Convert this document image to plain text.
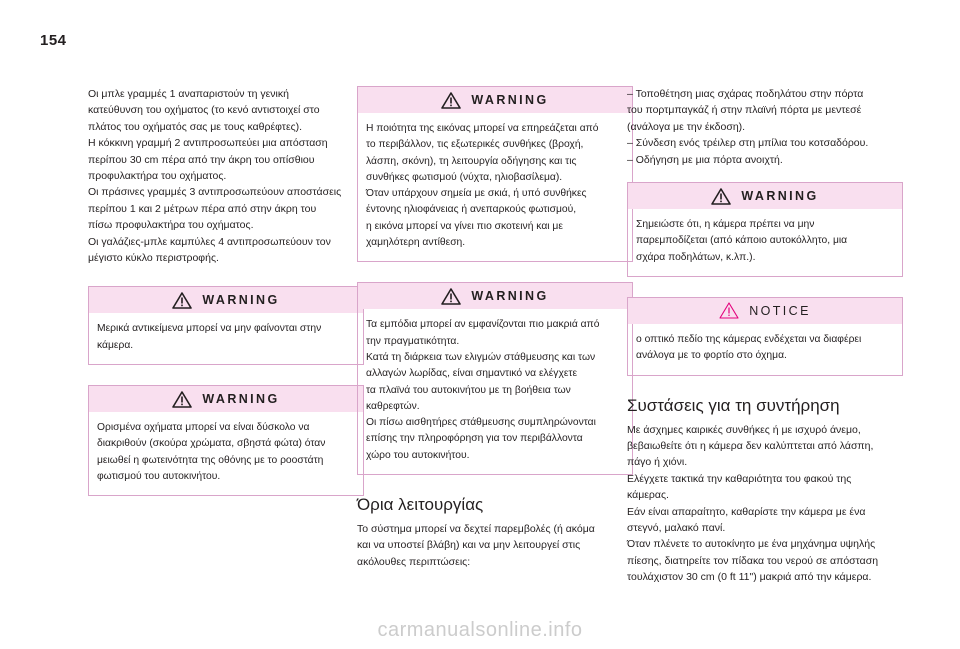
154

Οι μπλε γραμμές 1 αναπαριστούν τη γενική
κατεύθυνση του οχήματος (το κενό αντιστοιχεί στο
πλάτος του οχήματός σας με τους καθρέφτες).
Η κόκκινη γραμμή 2 αντιπροσωπεύει μια απόσταση
περίπου 30 cm πέρα από την άκρη του οπίσθιου
προφυλακτήρα του οχήματος.
Οι πράσινες γραμμές 3 αντιπροσωπεύουν αποστάσεις
περίπου 1 και 2 μέτρων πέρα από στην άκρη του
πίσω προφυλακτήρα του οχήματος.
Οι γαλάζιες-μπλε καμπύλες 4 αντιπροσωπεύουν τον
μέγιστο κύκλο περιστροφής.

WARNING
Μερικά αντικείμενα μπορεί να μην φαίνονται στην
κάμερα.
WARNING
Ορισμένα οχήματα μπορεί να είναι δύσκολο να
διακριθούν (σκούρα χρώματα, σβηστά φώτα) όταν
μειωθεί η φωτεινότητα της οθόνης με το ροοστάτη
φωτισμού του αυτοκινήτου.
WARNING
Η ποιότητα της εικόνας μπορεί να επηρεάζεται από
το περιβάλλον, τις εξωτερικές συνθήκες (βροχή,
λάσπη, σκόνη), τη λειτουργία οδήγησης και τις
συνθήκες φωτισμού (νύχτα, ηλιοβασίλεμα).
Όταν υπάρχουν σημεία με σκιά, ή υπό συνθήκες
έντονης ηλιοφάνειας ή ανεπαρκούς φωτισμού,
η εικόνα μπορεί να γίνει πιο σκοτεινή και με
χαμηλότερη αντίθεση.
WARNING
Τα εμπόδια μπορεί αν εμφανίζονται πιο μακριά από
την πραγματικότητα.
Κατά τη διάρκεια των ελιγμών στάθμευσης και των
αλλαγών λωρίδας, είναι σημαντικό να ελέγχετε
τα πλαϊνά του αυτοκινήτου με τη βοήθεια των
καθρεφτών.
Οι πίσω αισθητήρες στάθμευσης συμπληρώνονται
επίσης την πληροφόρηση για τον περιβάλλοντα
χώρο του αυτοκινήτου.
Όρια λειτουργίας

Το σύστημα μπορεί να δεχτεί παρεμβολές (ή ακόμα
και να υποστεί βλάβη) και να μην λειτουργεί στις
ακόλουθες περιπτώσεις:

– Τοποθέτηση μιας σχάρας ποδηλάτου στην πόρτα
του πορτμπαγκάζ ή στην πλαϊνή πόρτα με μεντεσέ
(ανάλογα με την έκδοση).
– Σύνδεση ενός τρέιλερ στη μπίλια του κοτσαδόρου.
– Οδήγηση με μια πόρτα ανοιχτή.

WARNING
Σημειώστε ότι, η κάμερα πρέπει να μην
παρεμποδίζεται (από κάποιο αυτοκόλλητο, μια
σχάρα ποδηλάτων, κ.λπ.).
NOTICE
ο οπτικό πεδίο της κάμερας ενδέχεται να διαφέρει
ανάλογα με το φορτίο στο όχημα.
Συστάσεις για τη συντήρηση

Με άσχημες καιρικές συνθήκες ή με ισχυρό άνεμο,
βεβαιωθείτε ότι η κάμερα δεν καλύπτεται από λάσπη,
πάγο ή χιόνι.
Ελέγχετε τακτικά την καθαριότητα του φακού της
κάμερας.
Εάν είναι απαραίτητο, καθαρίστε την κάμερα με ένα
στεγνό, μαλακό πανί.
Όταν πλένετε το αυτοκίνητο με ένα μηχάνημα υψηλής
πίεσης, διατηρείτε τον πίδακα του νερού σε απόσταση
τουλάχιστον 30 cm (0 ft 11") μακριά από την κάμερα.

carmanualsonline.info
